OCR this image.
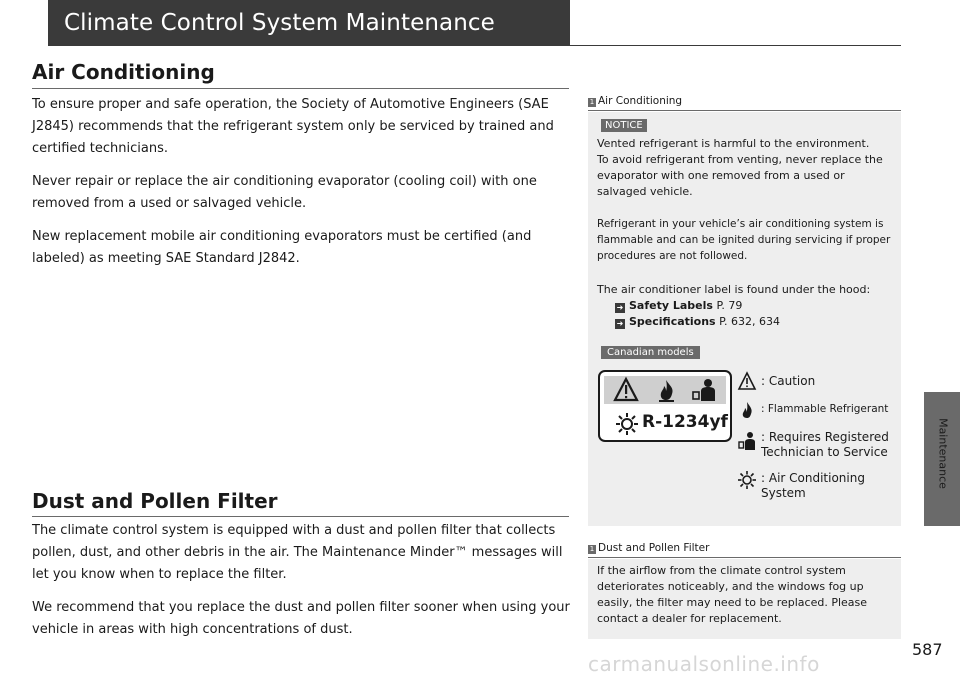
Climate Control System Maintenance
Maintenance
Air Conditioning

To ensure proper and safe operation, the Society of Automotive Engineers (SAE J2845) recommends that the refrigerant system only be serviced by trained and certified technicians.

Never repair or replace the air conditioning evaporator (cooling coil) with one removed from a used or salvaged vehicle.

New replacement mobile air conditioning evaporators must be certified (and labeled) as meeting SAE Standard J2842.

Dust and Pollen Filter

The climate control system is equipped with a dust and pollen filter that collects pollen, dust, and other debris in the air. The Maintenance Minder™ messages will let you know when to replace the filter.

We recommend that you replace the dust and pollen filter sooner when using your vehicle in areas with high concentrations of dust.

1 Air Conditioning
NOTICE
Vented refrigerant is harmful to the environment.
To avoid refrigerant from venting, never replace the evaporator with one removed from a used or salvaged vehicle.
Refrigerant in your vehicle’s air conditioning system is flammable and can be ignited during servicing if proper procedures are not followed.
The air conditioner label is found under the hood:
➜ Safety Labels P. 79
➜ Specifications P. 632, 634
Canadian models
R-1234yf
: Caution
: Flammable Refrigerant
: Requires Registered
Technician to Service
: Air Conditioning
System
1 Dust and Pollen Filter
If the airflow from the climate control system deteriorates noticeably, and the windows fog up easily, the filter may need to be replaced. Please contact a dealer for replacement.
587
carmanualsonline.info
